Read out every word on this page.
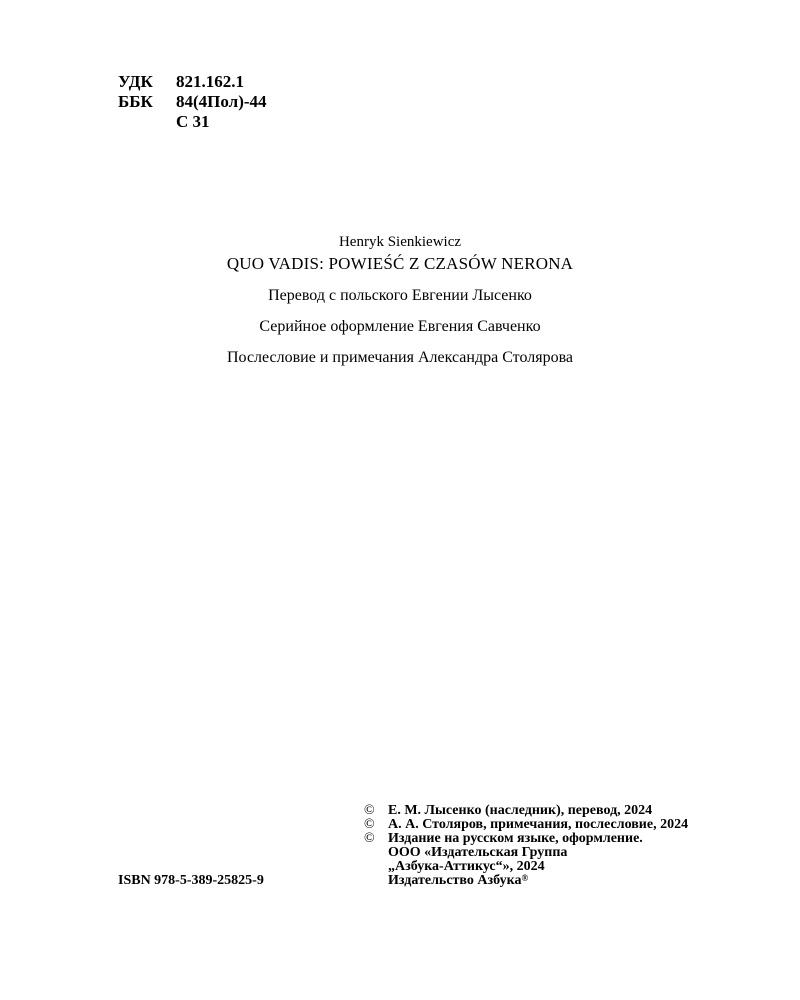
УДК	821.162.1
ББК	84(4Пол)-44
С 31
Henryk Sienkiewicz
QUO VADIS: POWIEŚĆ Z CZASÓW NERONA
Перевод с польского Евгении Лысенко
Серийное оформление Евгения Савченко
Послесловие и примечания Александра Столярова
© Е. М. Лысенко (наследник), перевод, 2024
© А. А. Столяров, примечания, послесловие, 2024
© Издание на русском языке, оформление.
ООО «Издательская Группа
„Азбука-Аттикус“», 2024
Издательство Азбука®
ISBN 978-5-389-25825-9
